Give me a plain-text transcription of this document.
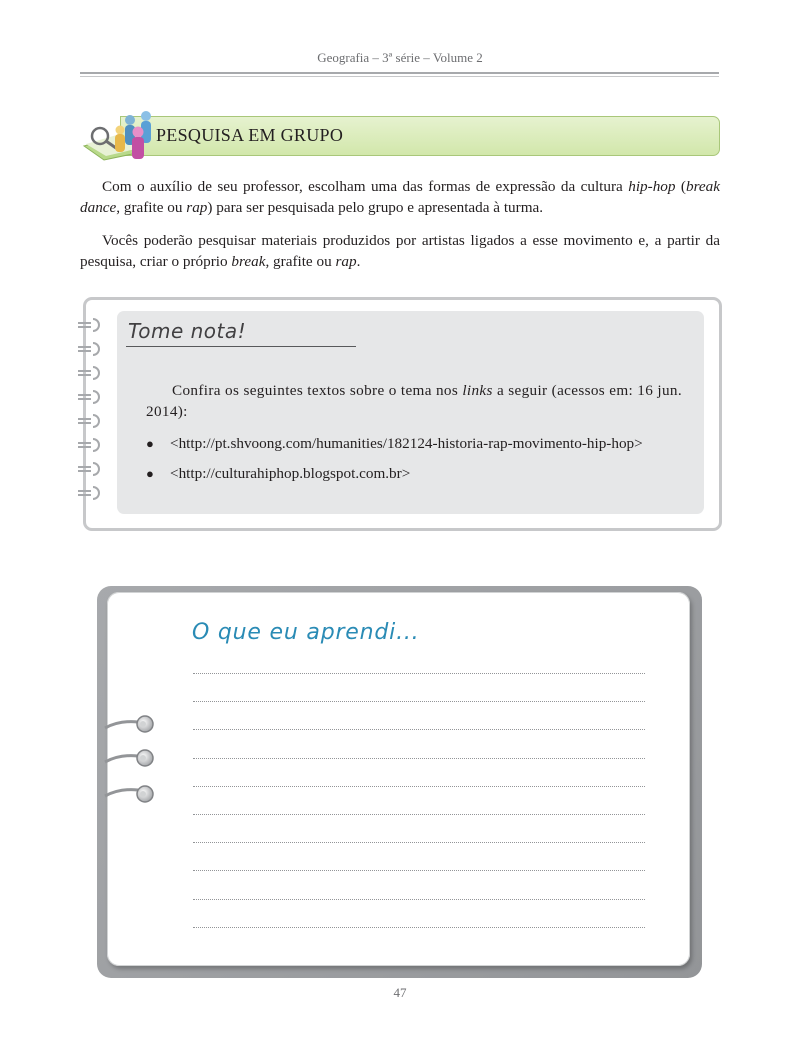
Geografia – 3ª série – Volume 2
PESQUISA EM GRUPO

Com o auxílio de seu professor, escolham uma das formas de expressão da cultura hip-hop (break dance, grafite ou rap) para ser pesquisada pelo grupo e apresentada à turma.

Vocês poderão pesquisar materiais produzidos por artistas ligados a esse movimento e, a partir da pesquisa, criar o próprio break, grafite ou rap.

Tome nota!

Confira os seguintes textos sobre o tema nos links a seguir (acessos em: 16 jun. 2014):

● <http://pt.shvoong.com/humanities/182124-historia-rap-movimento-hip-hop>
● <http://culturahiphop.blogspot.com.br>
O que eu aprendi...
47
